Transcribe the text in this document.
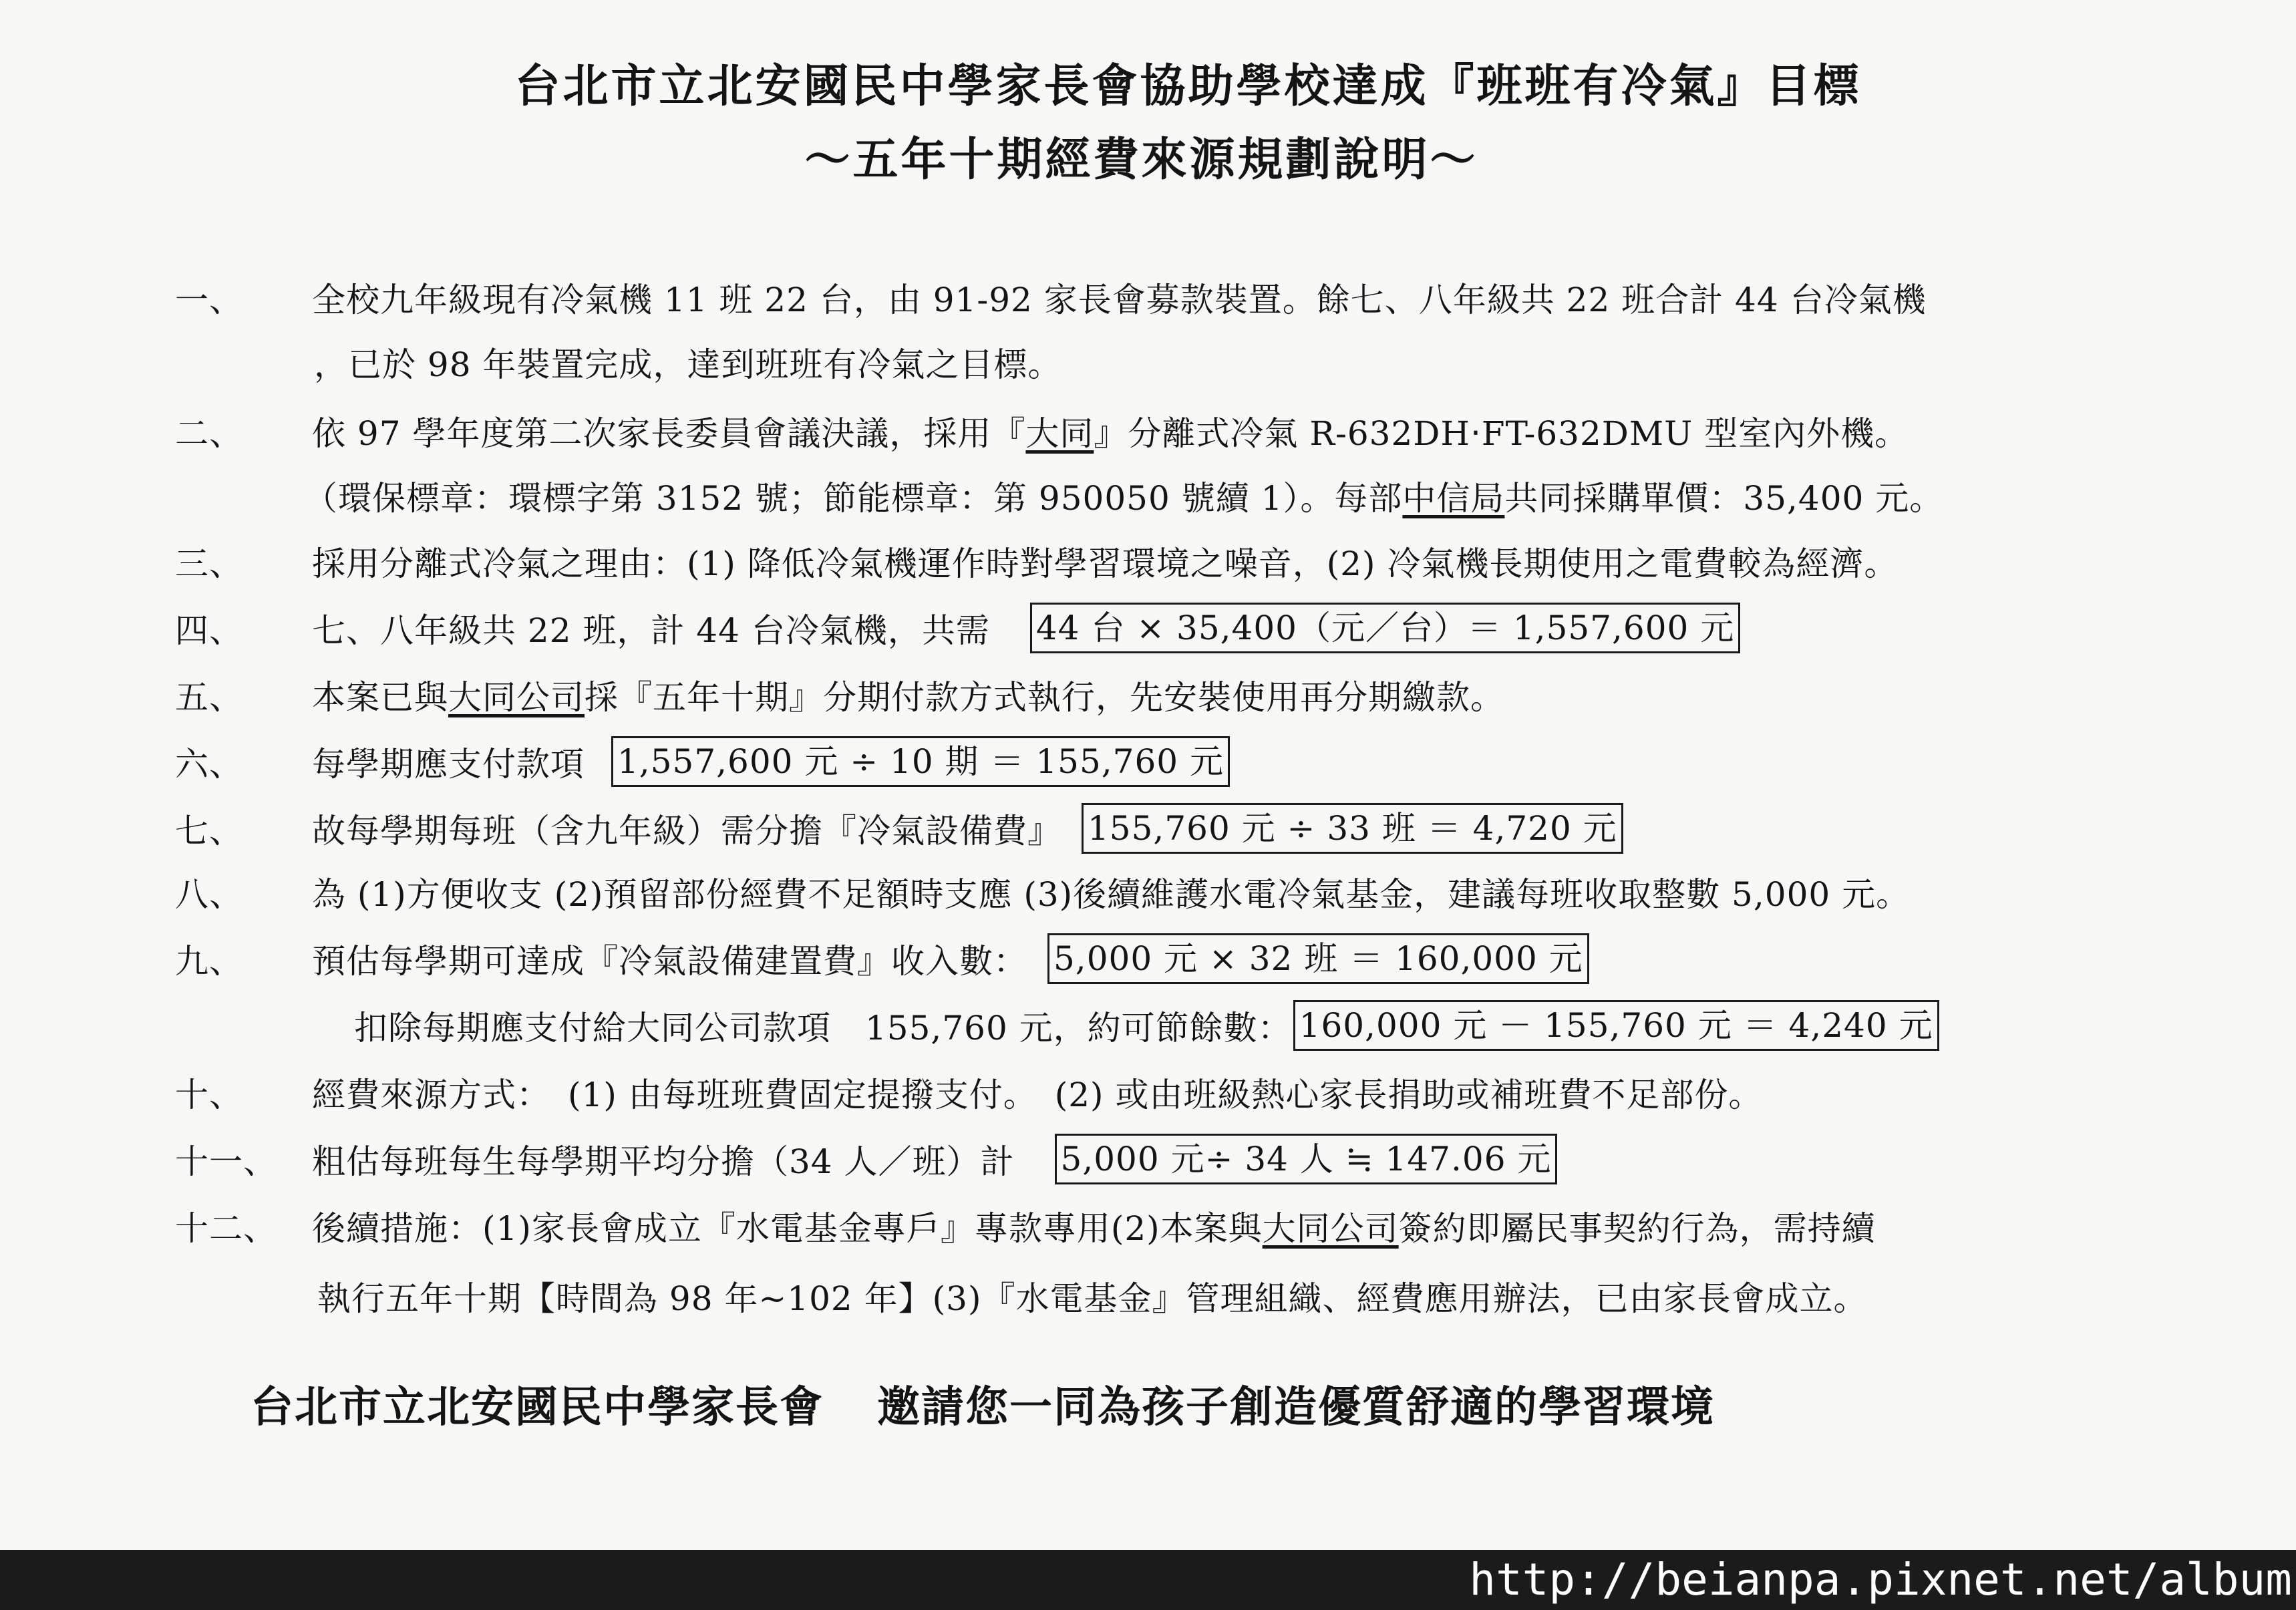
台北市立北安國民中學家長會協助學校達成『班班有冷氣』目標
～五年十期經費來源規劃說明～
一、	全校九年級現有冷氣機 11 班 22 台，由 91-92 家長會募款裝置。餘七、八年級共 22 班合計 44 台冷氣機
，已於 98 年裝置完成，達到班班有冷氣之目標。
二、	依 97 學年度第二次家長委員會議決議，採用『大同』分離式冷氣 R-632DH‧FT-632DMU 型室內外機。
（環保標章：環標字第 3152 號；節能標章：第 950050 號續 1）。每部中信局共同採購單價：35,400 元。
三、	採用分離式冷氣之理由：(1) 降低冷氣機運作時對學習環境之噪音，(2) 冷氣機長期使用之電費較為經濟。
四、	七、八年級共 22 班，計 44 台冷氣機，共需 44 台 × 35,400（元／台）＝ 1,557,600 元
五、	本案已與大同公司採『五年十期』分期付款方式執行，先安裝使用再分期繳款。
六、	每學期應支付款項 1,557,600 元 ÷ 10 期 ＝ 155,760 元
七、	故每學期每班（含九年級）需分擔『冷氣設備費』 155,760 元 ÷ 33 班 ＝ 4,720 元
八、	為 (1)方便收支 (2)預留部份經費不足額時支應 (3)後續維護水電冷氣基金，建議每班收取整數 5,000 元。
九、	預估每學期可達成『冷氣設備建置費』收入數： 5,000 元 × 32 班 ＝ 160,000 元
扣除每期應支付給大同公司款項　155,760 元，約可節餘數： 160,000 元 － 155,760 元 ＝ 4,240 元
十、	經費來源方式：　(1) 由每班班費固定提撥支付。　(2) 或由班級熱心家長捐助或補班費不足部份。
十一、	粗估每班每生每學期平均分擔（34 人／班）計 5,000 元÷ 34 人 ≒ 147.06 元
十二、	後續措施：(1)家長會成立『水電基金專戶』專款專用(2)本案與大同公司簽約即屬民事契約行為，需持續
執行五年十期【時間為 98 年~102 年】(3)『水電基金』管理組織、經費應用辦法，已由家長會成立。
台北市立北安國民中學家長會 邀請您一同為孩子創造優質舒適的學習環境
http://beianpa.pixnet.net/album
